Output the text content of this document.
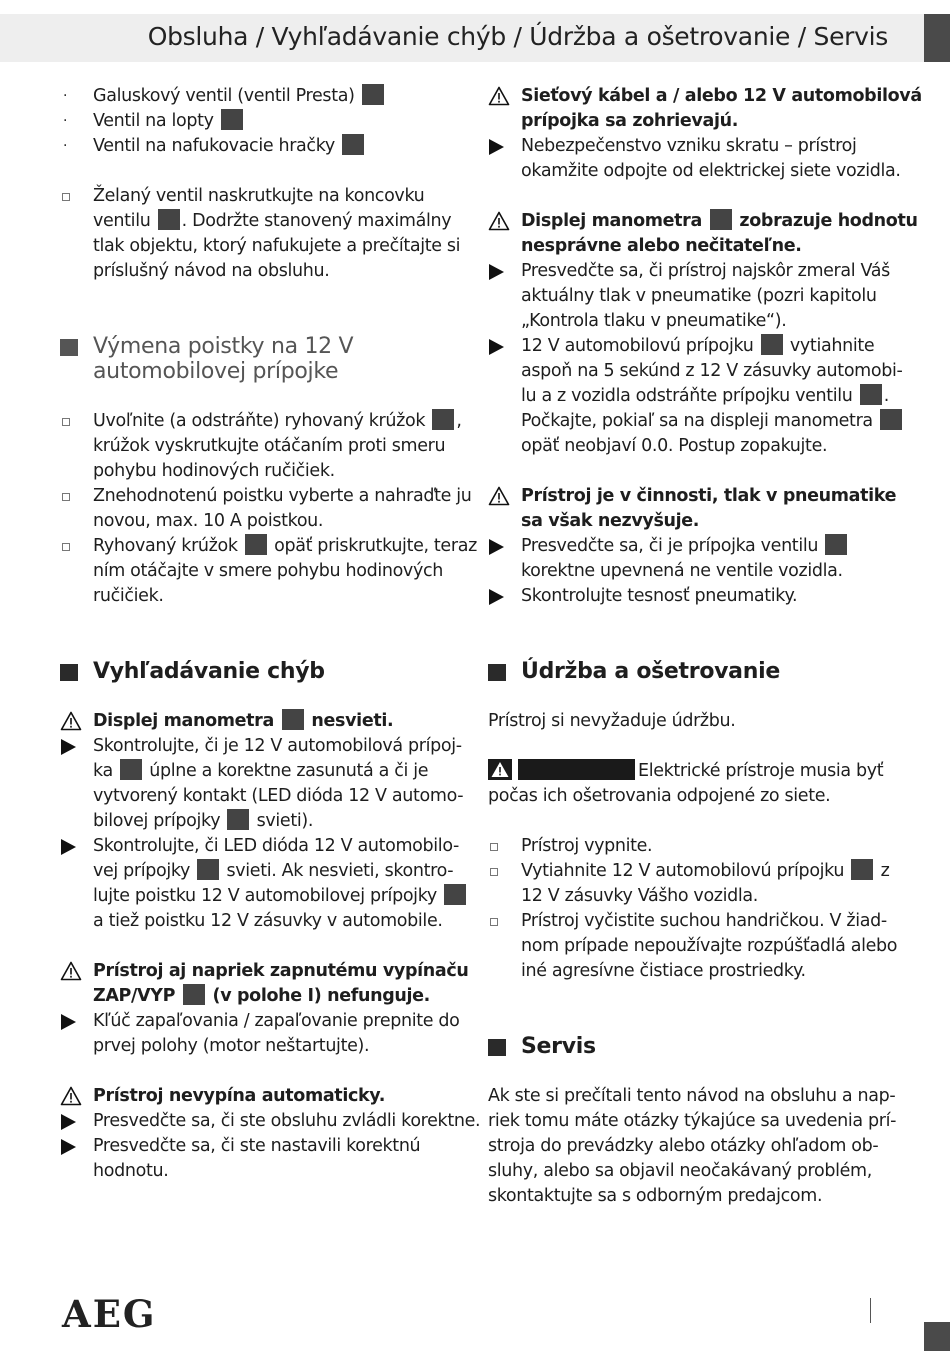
Obsluha / Vyhľadávanie chýb / Údržba a ošetrovanie / Servis
· Galuskový ventil (ventil Presta)
· Ventil na lopty
· Ventil na nafukovacie hračky
Želaný ventil naskrutkujte na koncovku
ventilu . Dodržte stanovený maximálny
tlak objektu, ktorý nafukujete a prečítajte si
príslušný návod na obsluhu.
Výmena poistky na 12 V
automobilovej prípojke
Uvoľnite (a odstráňte) ryhovaný krúžok ,
krúžok vyskrutkujte otáčaním proti smeru
pohybu hodinových ručičiek.
Znehodnotenú poistku vyberte a nahraďte ju
novou, max. 10 A poistkou.
Ryhovaný krúžok opäť priskrutkujte, teraz
ním otáčajte v smere pohybu hodinových
ručičiek.
Vyhľadávanie chýb
Displej manometra nesvieti.
Skontrolujte, či je 12 V automobilová prípoj-
ka úplne a korektne zasunutá a či je
vytvorený kontakt (LED dióda 12 V automo-
bilovej prípojky svieti).
Skontrolujte, či LED dióda 12 V automobilo-
vej prípojky svieti. Ak nesvieti, skontro-
lujte poistku 12 V automobilovej prípojky
a tiež poistku 12 V zásuvky v automobile.
Prístroj aj napriek zapnutému vypínaču
ZAP/VYP (v polohe I) nefunguje.
Kľúč zapaľovania / zapaľovanie prepnite do
prvej polohy (motor neštartujte).
Prístroj nevypína automaticky.
Presvedčte sa, či ste obsluhu zvládli korektne.
Presvedčte sa, či ste nastavili korektnú
hodnotu.
Sieťový kábel a / alebo 12 V automobilová
prípojka sa zohrievajú.
Nebezpečenstvo vzniku skratu – prístroj
okamžite odpojte od elektrickej siete vozidla.
Displej manometra zobrazuje hodnotu
nesprávne alebo nečitateľne.
Presvedčte sa, či prístroj najskôr zmeral Váš
aktuálny tlak v pneumatike (pozri kapitolu
„Kontrola tlaku v pneumatike“).
12 V automobilovú prípojku vytiahnite
aspoň na 5 sekúnd z 12 V zásuvky automobi-
lu a z vozidla odstráňte prípojku ventilu .
Počkajte, pokiaľ sa na displeji manometra
opäť neobjaví 0.0. Postup zopakujte.
Prístroj je v činnosti, tlak v pneumatike
sa však nezvyšuje.
Presvedčte sa, či je prípojka ventilu
korektne upevnená ne ventile vozidla.
Skontrolujte tesnosť pneumatiky.
Údržba a ošetrovanie
Prístroj si nevyžaduje údržbu.
Elektrické prístroje musia byť
počas ich ošetrovania odpojené zo siete.
Prístroj vypnite.
Vytiahnite 12 V automobilovú prípojku z
12 V zásuvky Vášho vozidla.
Prístroj vyčistite suchou handričkou. V žiad-
nom prípade nepoužívajte rozpúšťadlá alebo
iné agresívne čistiace prostriedky.
Servis
Ak ste si prečítali tento návod na obsluhu a nap-
riek tomu máte otázky týkajúce sa uvedenia prí-
stroja do prevádzky alebo otázky ohľadom ob-
sluhy, alebo sa objavil neočakávaný problém,
skontaktujte sa s odborným predajcom.
AEG
